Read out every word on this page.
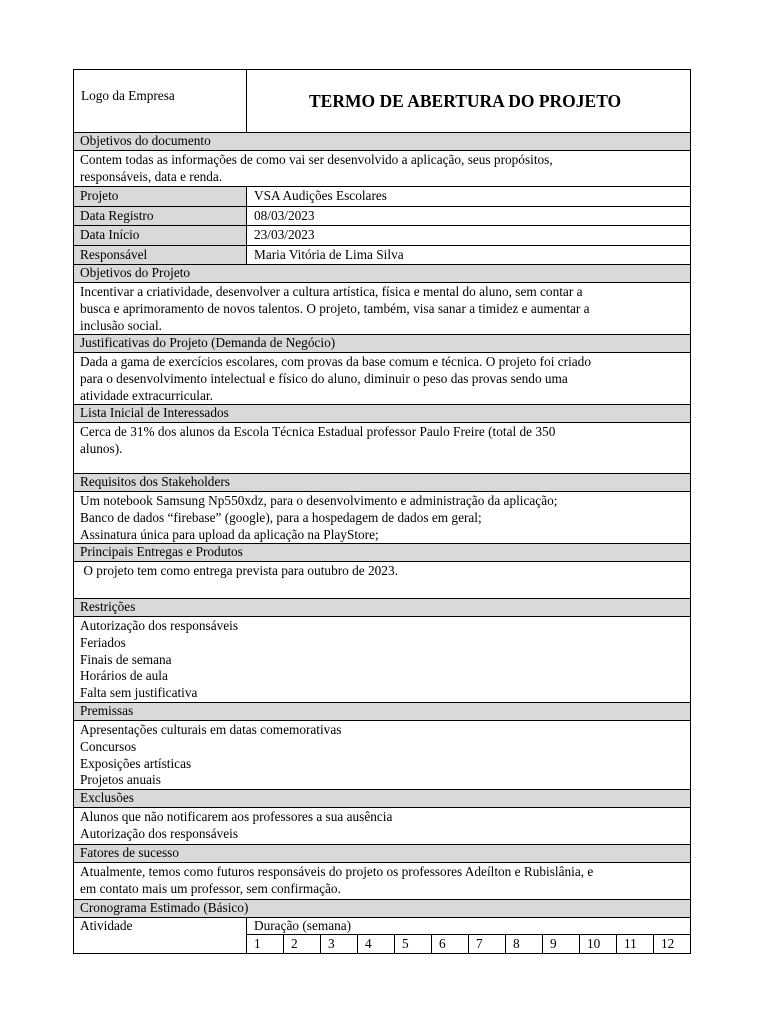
Logo da Empresa	TERMO DE ABERTURA DO PROJETO
Objetivos do documento
Contem todas as informações de como vai ser desenvolvido a aplicação, seus propósitos,
responsáveis, data e renda.
Projeto	VSA Audições Escolares
Data Registro	08/03/2023
Data Início	23/03/2023
Responsável	Maria Vitória de Lima Silva
Objetivos do Projeto
Incentivar a criatividade, desenvolver a cultura artística, física e mental do aluno, sem contar a
busca e aprimoramento de novos talentos. O projeto, também, visa sanar a timidez e aumentar a
inclusão social.
Justificativas do Projeto (Demanda de Negócio)
Dada a gama de exercícios escolares, com provas da base comum e técnica. O projeto foi criado
para o desenvolvimento intelectual e físico do aluno, diminuir o peso das provas sendo uma
atividade extracurricular.
Lista Inicial de Interessados
Cerca de 31% dos alunos da Escola Técnica Estadual professor Paulo Freire (total de 350
alunos).
Requisitos dos Stakeholders
Um notebook Samsung Np550xdz, para o desenvolvimento e administração da aplicação;
Banco de dados “firebase” (google), para a hospedagem de dados em geral;
Assinatura única para upload da aplicação na PlayStore;
Principais Entregas e Produtos
O projeto tem como entrega prevista para outubro de 2023.
Restrições
Autorização dos responsáveis
Feriados
Finais de semana
Horários de aula
Falta sem justificativa
Premissas
Apresentações culturais em datas comemorativas
Concursos
Exposições artísticas
Projetos anuais
Exclusões
Alunos que não notificarem aos professores a sua ausência
Autorização dos responsáveis
Fatores de sucesso
Atualmente, temos como futuros responsáveis do projeto os professores Adeílton e Rubislânia, e
em contato mais um professor, sem confirmação.
Cronograma Estimado (Básico)
Atividade	Duração (semana)
1	2	3	4	5	6	7	8	9	10	11	12
